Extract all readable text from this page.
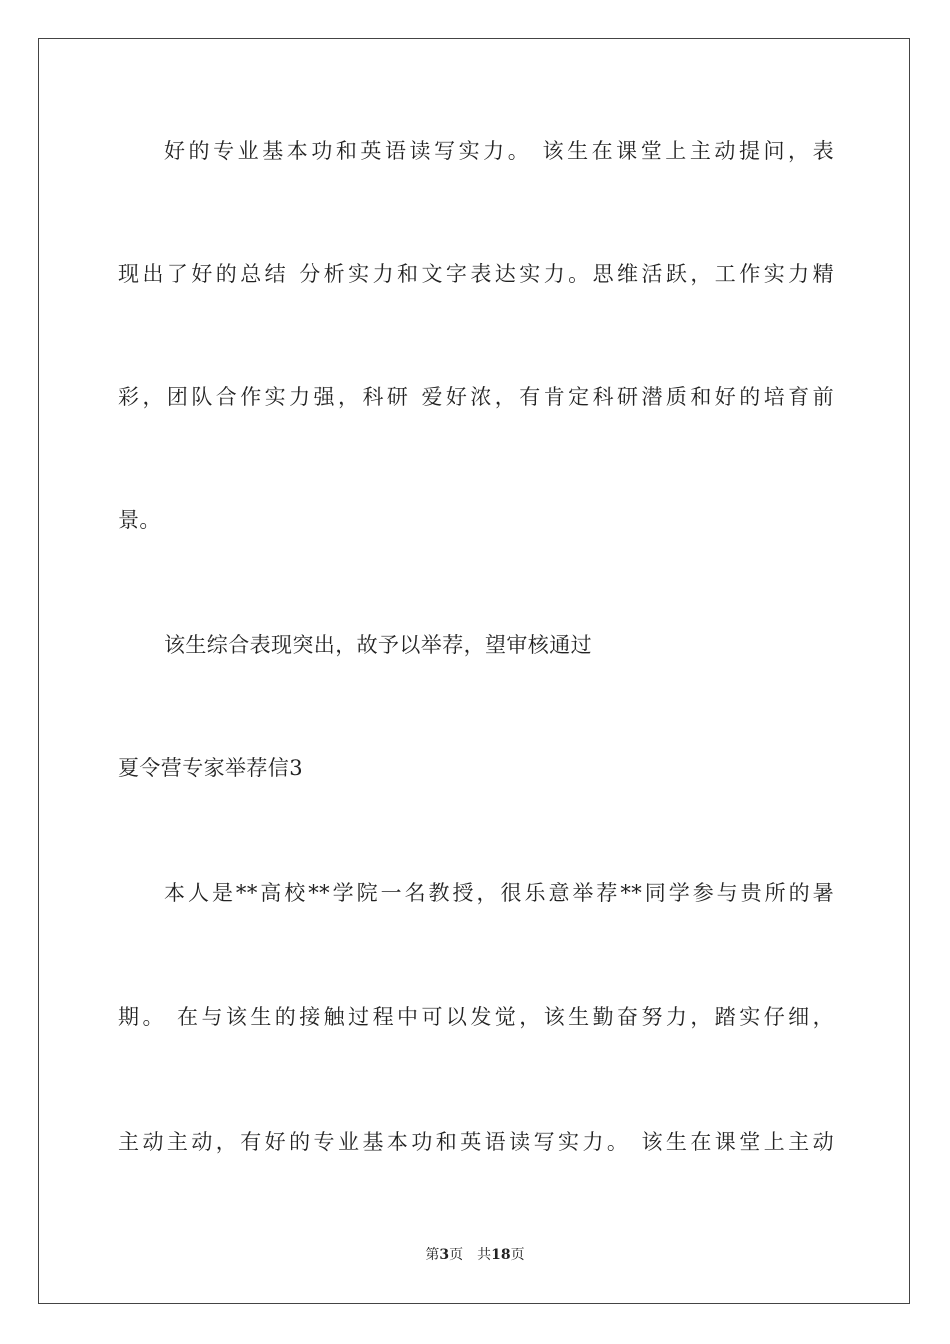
好的专业基本功和英语读写实力。 该生在课堂上主动提问，表
现出了好的总结 分析实力和文字表达实力。思维活跃，工作实力精
彩，团队合作实力强，科研 爱好浓，有肯定科研潜质和好的培育前
景。
该生综合表现突出，故予以举荐，望审核通过
夏令营专家举荐信3
本人是**高校**学院一名教授，很乐意举荐**同学参与贵所的暑
期。 在与该生的接触过程中可以发觉，该生勤奋努力，踏实仔细，
主动主动，有好的专业基本功和英语读写实力。 该生在课堂上主动
第3页 共18页
